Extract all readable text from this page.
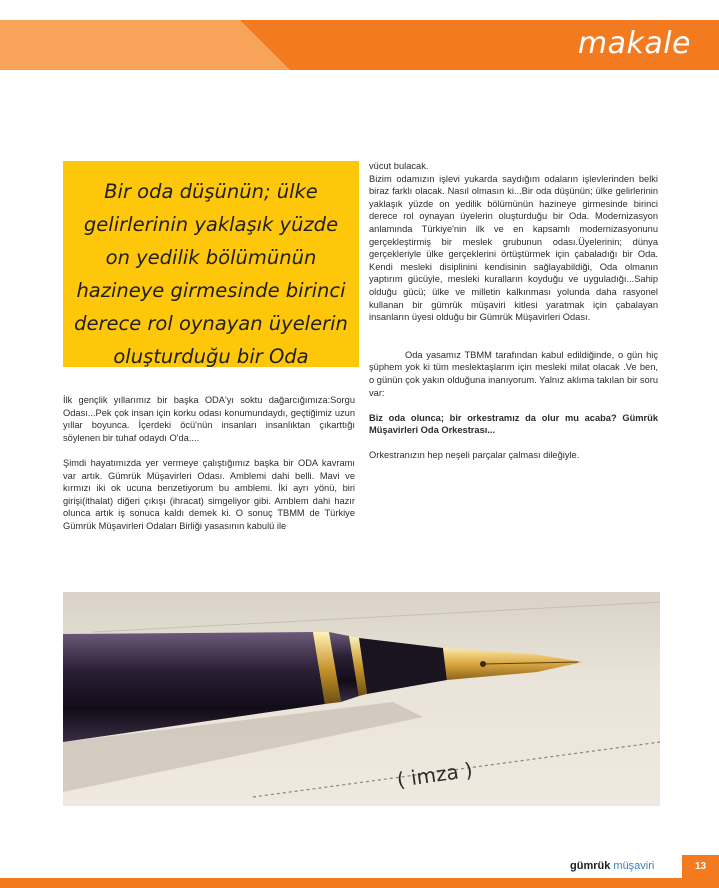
makale

Bir oda düşünün; ülke gelirlerinin yaklaşık yüzde on yedilik bölümünün hazineye girmesinde birinci derece rol oynayan üyelerin oluşturduğu bir Oda

İlk gençlik yıllarımız bir başka ODA'yı soktu dağarcığımıza:Sorgu Odası...Pek çok insan için korku odası konumundaydı, geçtiğimiz uzun yıllar boyunca. İçerdeki öcü'nün insanları insanlıktan çıkarttığı söylenen bir tuhaf odaydı O'da....

Şimdi hayatımızda yer vermeye çalıştığımız başka bir ODA kavramı var artık. Gümrük Müşavirleri Odası. Amblemi dahi belli. Mavi ve kırmızı iki ok ucuna benzetiyorum bu amblemi. İki ayrı yönü, biri girişi(ithalat) diğeri çıkışı (ihracat) simgeliyor gibi. Amblem dahi hazır olunca artık iş sonuca kaldı demek ki. O sonuç TBMM de Türkiye Gümrük Müşavirleri Odaları Birliği yasasının kabulü ile

vücut bulacak.

Bizim odamızın işlevi yukarda saydığım odaların işlevlerinden belki biraz farklı olacak. Nasıl olmasın ki...Bir oda düşünün; ülke gelirlerinin yaklaşık yüzde on yedilik bölümünün hazineye girmesinde birinci derece rol oynayan üyelerin oluşturduğu bir Oda. Modernizasyon anlamında Türkiye'nin ilk ve en kapsamlı modernizasyonunu gerçekleştirmiş bir meslek grubunun odası.Üyelerinin; dünya gerçekleriyle ülke gerçeklerini örtüştürmek için çabaladığı bir Oda. Kendi mesleki disiplinini kendisinin sağlayabildiği, Oda olmanın yaptırım gücüyle, mesleki kuralların koyduğu ve uyguladığı...Sahip olduğu gücü; ülke ve milletin kalkınması yolunda daha rasyonel kullanan bir gümrük müşaviri kitlesi yaratmak için çabalayan insanların üyesi olduğu bir Gümrük Müşavirleri Odası.

Oda yasamız TBMM tarafından kabul edildiğinde, o gün hiç şüphem yok ki tüm meslektaşlarım için mesleki milat olacak .Ve ben, o günün çok yakın olduğuna inanıyorum. Yalnız aklıma takılan bir soru var:

Biz oda olunca; bir orkestramız da olur mu acaba? Gümrük Müşavirleri Oda Orkestrası...

Orkestranızın hep neşeli parçalar çalması dileğiyle.

( imza )
gümrük müşaviri	13
